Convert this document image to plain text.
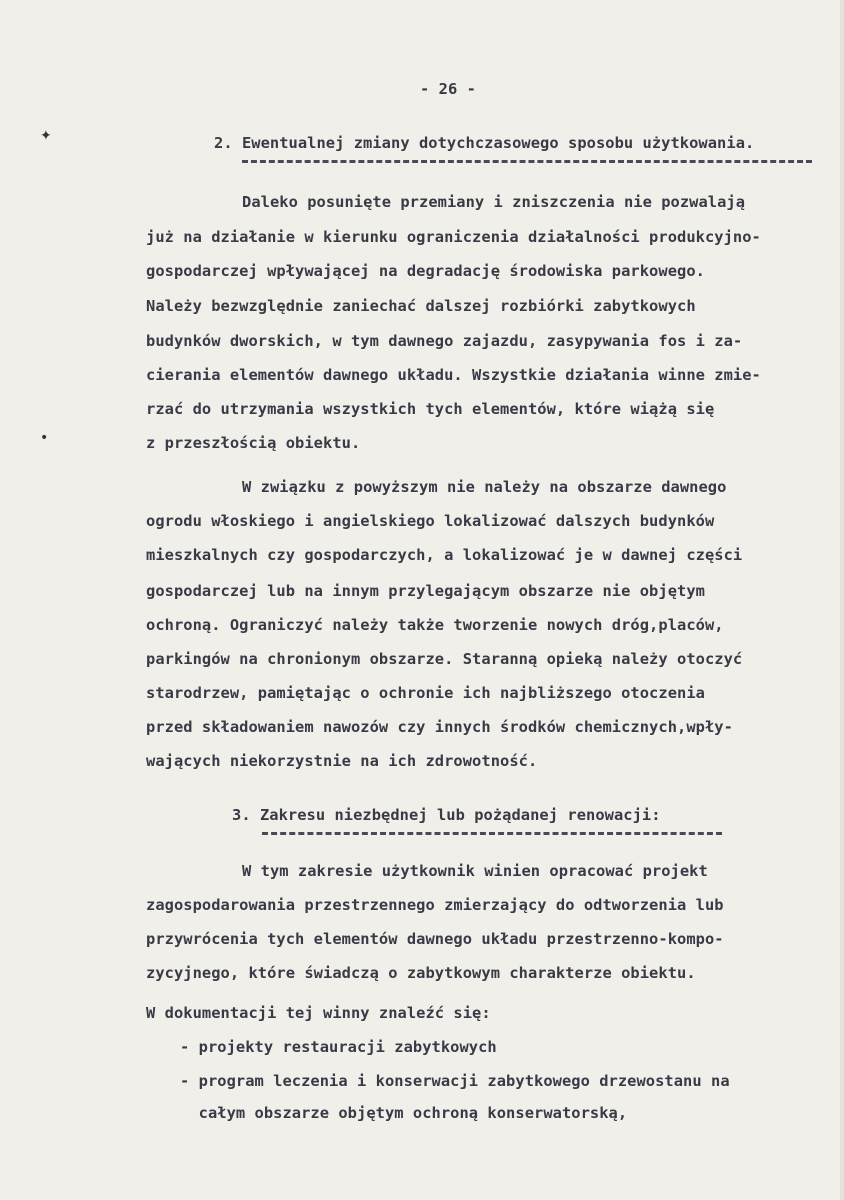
✦
•
- 26 -
2. Ewentualnej zmiany dotychczasowego sposobu użytkowania.
Daleko posunięte przemiany i zniszczenia nie pozwalają
już na działanie w kierunku ograniczenia działalności produkcyjno-
gospodarczej wpływającej na degradację środowiska parkowego.
Należy bezwzględnie zaniechać dalszej rozbiórki zabytkowych
budynków dworskich, w tym dawnego zajazdu, zasypywania fos i za-
cierania elementów dawnego układu. Wszystkie działania winne zmie-
rzać do utrzymania wszystkich tych elementów, które wiążą się
z przeszłością obiektu.
W związku z powyższym nie należy na obszarze dawnego
ogrodu włoskiego i angielskiego lokalizować dalszych budynków
mieszkalnych czy gospodarczych, a lokalizować je w dawnej części
gospodarczej lub na innym przylegającym obszarze nie objętym
ochroną. Ograniczyć należy także tworzenie nowych dróg,placów,
parkingów na chronionym obszarze. Staranną opieką należy otoczyć
starodrzew, pamiętając o ochronie ich najbliższego otoczenia
przed składowaniem nawozów czy innych środków chemicznych,wpły-
wających niekorzystnie na ich zdrowotność.
3. Zakresu niezbędnej lub pożądanej renowacji:
W tym zakresie użytkownik winien opracować projekt
zagospodarowania przestrzennego zmierzający do odtworzenia lub
przywrócenia tych elementów dawnego układu przestrzenno-kompo-
zycyjnego, które świadczą o zabytkowym charakterze obiektu.
W dokumentacji tej winny znaleźć się:
- projekty restauracji zabytkowych
- program leczenia i konserwacji zabytkowego drzewostanu na
całym obszarze objętym ochroną konserwatorską,
